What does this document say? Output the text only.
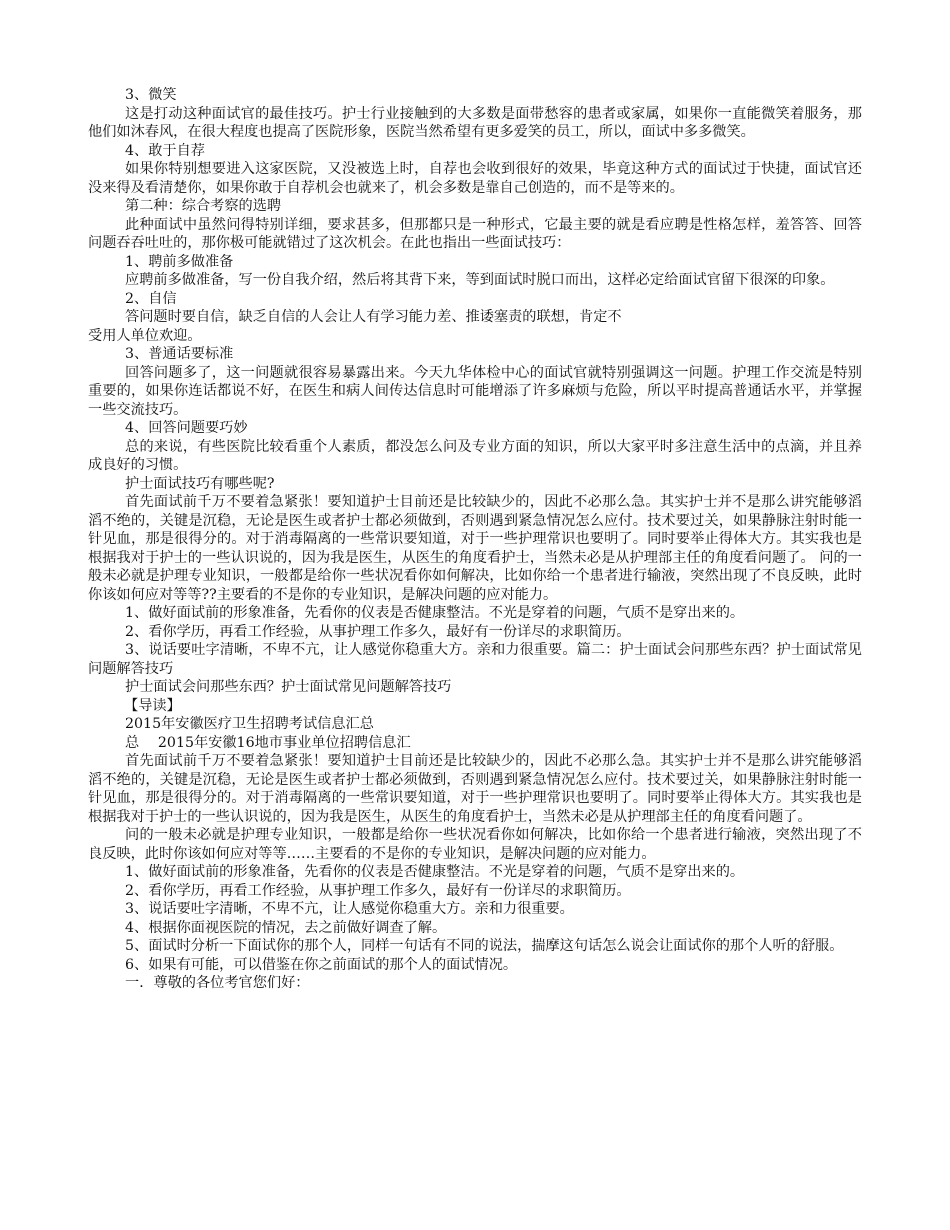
3、微笑

这是打动这种面试官的最佳技巧。护士行业接触到的大多数是面带愁容的患者或家属，如果你一直能微笑着服务，那他们如沐春风，在很大程度也提高了医院形象，医院当然希望有更多爱笑的员工，所以，面试中多多微笑。

4、敢于自荐

如果你特别想要进入这家医院，又没被选上时，自荐也会收到很好的效果，毕竟这种方式的面试过于快捷，面试官还没来得及看清楚你，如果你敢于自荐机会也就来了，机会多数是靠自己创造的，而不是等来的。

第二种：综合考察的选聘

此种面试中虽然问得特别详细，要求甚多，但那都只是一种形式，它最主要的就是看应聘是性格怎样，羞答答、回答问题吞吞吐吐的，那你极可能就错过了这次机会。在此也指出一些面试技巧：

1、聘前多做准备

应聘前多做准备，写一份自我介绍，然后将其背下来，等到面试时脱口而出，这样必定给面试官留下很深的印象。

2、自信

答问题时要自信，缺乏自信的人会让人有学习能力差、推诿塞责的联想，肯定不

受用人单位欢迎。

3、普通话要标准

回答问题多了，这一问题就很容易暴露出来。今天九华体检中心的面试官就特别强调这一问题。护理工作交流是特别重要的，如果你连话都说不好，在医生和病人间传达信息时可能增添了许多麻烦与危险，所以平时提高普通话水平，并掌握一些交流技巧。

4、回答问题要巧妙

总的来说，有些医院比较看重个人素质，都没怎么问及专业方面的知识，所以大家平时多注意生活中的点滴，并且养成良好的习惯。

护士面试技巧有哪些呢?

首先面试前千万不要着急紧张！要知道护士目前还是比较缺少的，因此不必那么急。其实护士并不是那么讲究能够滔滔不绝的，关键是沉稳，无论是医生或者护士都必须做到，否则遇到紧急情况怎么应付。技术要过关，如果静脉注射时能一针见血，那是很得分的。对于消毒隔离的一些常识要知道，对于一些护理常识也要明了。同时要举止得体大方。其实我也是根据我对于护士的一些认识说的，因为我是医生，从医生的角度看护士，当然未必是从护理部主任的角度看问题了。 问的一般未必就是护理专业知识，一般都是给你一些状况看你如何解决，比如你给一个患者进行输液，突然出现了不良反映，此时你该如何应对等等??主要看的不是你的专业知识，是解决问题的应对能力。

1、做好面试前的形象准备，先看你的仪表是否健康整洁。不光是穿着的问题，气质不是穿出来的。

2、看你学历，再看工作经验，从事护理工作多久，最好有一份详尽的求职简历。

3、说话要吐字清晰，不卑不亢，让人感觉你稳重大方。亲和力很重要。篇二：护士面试会问那些东西？护士面试常见问题解答技巧

护士面试会问那些东西？护士面试常见问题解答技巧

【导读】

2015年安徽医疗卫生招聘考试信息汇总

总　 2015年安徽16地市事业单位招聘信息汇

首先面试前千万不要着急紧张！要知道护士目前还是比较缺少的，因此不必那么急。其实护士并不是那么讲究能够滔滔不绝的，关键是沉稳，无论是医生或者护士都必须做到，否则遇到紧急情况怎么应付。技术要过关，如果静脉注射时能一针见血，那是很得分的。对于消毒隔离的一些常识要知道，对于一些护理常识也要明了。同时要举止得体大方。其实我也是根据我对于护士的一些认识说的，因为我是医生，从医生的角度看护士，当然未必是从护理部主任的角度看问题了。

问的一般未必就是护理专业知识，一般都是给你一些状况看你如何解决，比如你给一个患者进行输液，突然出现了不良反映，此时你该如何应对等等……主要看的不是你的专业知识，是解决问题的应对能力。

1、做好面试前的形象准备，先看你的仪表是否健康整洁。不光是穿着的问题，气质不是穿出来的。

2、看你学历，再看工作经验，从事护理工作多久，最好有一份详尽的求职简历。

3、说话要吐字清晰，不卑不亢，让人感觉你稳重大方。亲和力很重要。

4、根据你面视医院的情况，去之前做好调查了解。

5、面试时分析一下面试你的那个人，同样一句话有不同的说法，揣摩这句话怎么说会让面试你的那个人听的舒服。

6、如果有可能，可以借鉴在你之前面试的那个人的面试情况。

一．尊敬的各位考官您们好：
